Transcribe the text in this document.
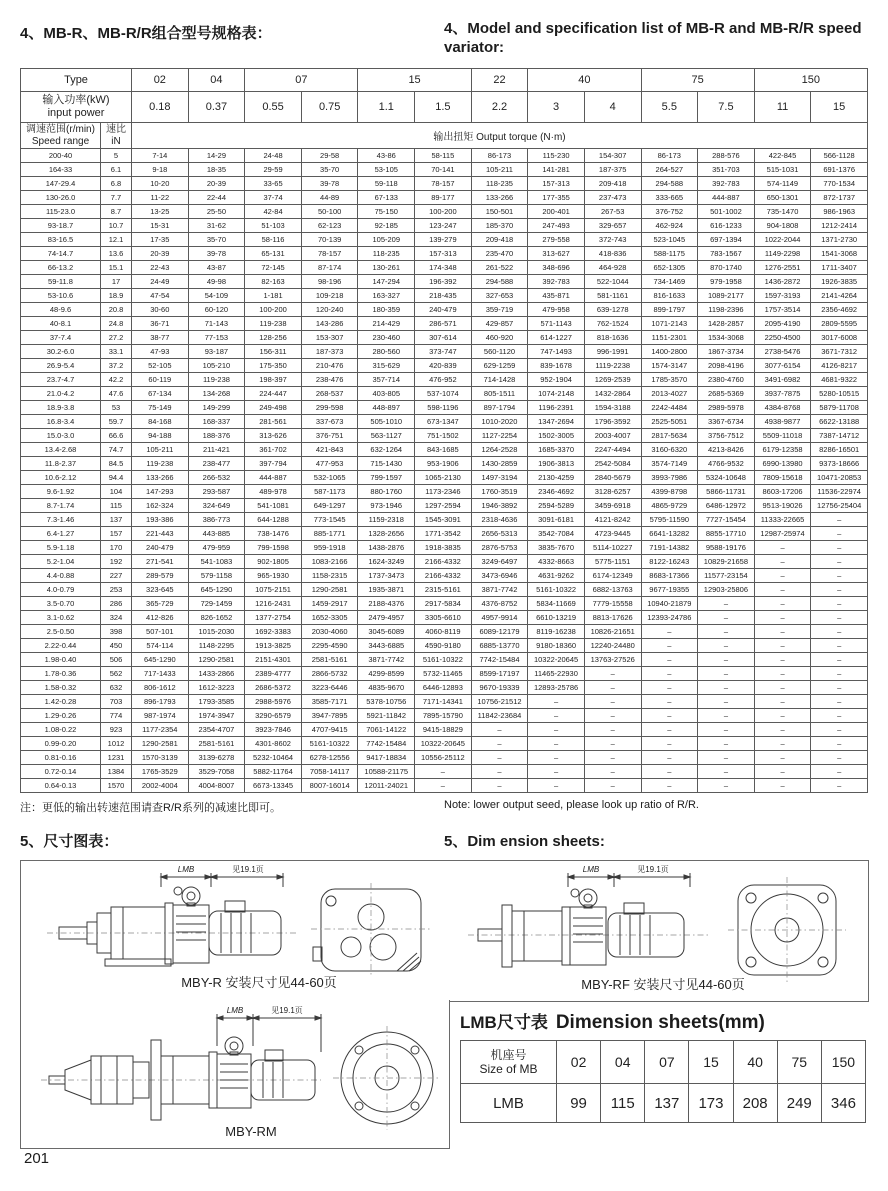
4、MB-R、MB-R/R组合型号规格表：	4、Model and specification list of MB-R and MB-R/R speed variator:
Type		02	04	07		15		22	40		75		150	

输入功率(kW)
input power		0.18	0.37	0.55	0.75	1.1	1.5	2.2	3	4	5.5	7.5	11	15

调速范围(r/min)
Speed range

速比
iN	输出扭矩 Output torque (N·m)
200-40	5	7-14	14-29	24-48	29-58	43-86	58-115	86-173	115-230	154-307	86-173	288-576	422-845	566-1128
164-33	6.1	9-18	18-35	29-59	35-70	53-105	70-141	105-211	141-281	187-375	264-527	351-703	515-1031	691-1376
147-29.4	6.8	10-20	20-39	33-65	39-78	59-118	78-157	118-235	157-313	209-418	294-588	392-783	574-1149	770-1534
130-26.0	7.7	11-22	22-44	37-74	44-89	67-133	89-177	133-266	177-355	237-473	333-665	444-887	650-1301	872-1737
115-23.0	8.7	13-25	25-50	42-84	50-100	75-150	100-200	150-501	200-401	267-53	376-752	501-1002	735-1470	986-1963
93-18.7	10.7	15-31	31-62	51-103	62-123	92-185	123-247	185-370	247-493	329-657	462-924	616-1233	904-1808	1212-2414
83-16.5	12.1	17-35	35-70	58-116	70-139	105-209	139-279	209-418	279-558	372-743	523-1045	697-1394	1022-2044	1371-2730
74-14.7	13.6	20-39	39-78	65-131	78-157	118-235	157-313	235-470	313-627	418-836	588-1175	783-1567	1149-2298	1541-3068
66-13.2	15.1	22-43	43-87	72-145	87-174	130-261	174-348	261-522	348-696	464-928	652-1305	870-1740	1276-2551	1711-3407
59-11.8	17	24-49	49-98	82-163	98-196	147-294	196-392	294-588	392-783	522-1044	734-1469	979-1958	1436-2872	1926-3835
53-10.6	18.9	47-54	54-109	1-181	109-218	163-327	218-435	327-653	435-871	581-1161	816-1633	1089-2177	1597-3193	2141-4264
48-9.6	20.8	30-60	60-120	100-200	120-240	180-359	240-479	359-719	479-958	639-1278	899-1797	1198-2396	1757-3514	2356-4692
40-8.1	24.8	36-71	71-143	119-238	143-286	214-429	286-571	429-857	571-1143	762-1524	1071-2143	1428-2857	2095-4190	2809-5595
37-7.4	27.2	38-77	77-153	128-256	153-307	230-460	307-614	460-920	614-1227	818-1636	1151-2301	1534-3068	2250-4500	3017-6008
30.2-6.0	33.1	47-93	93-187	156-311	187-373	280-560	373-747	560-1120	747-1493	996-1991	1400-2800	1867-3734	2738-5476	3671-7312
26.9-5.4	37.2	52-105	105-210	175-350	210-476	315-629	420-839	629-1259	839-1678	1119-2238	1574-3147	2098-4196	3077-6154	4126-8217
23.7-4.7	42.2	60-119	119-238	198-397	238-476	357-714	476-952	714-1428	952-1904	1269-2539	1785-3570	2380-4760	3491-6982	4681-9322
21.0-4.2	47.6	67-134	134-268	224-447	268-537	403-805	537-1074	805-1511	1074-2148	1432-2864	2013-4027	2685-5369	3937-7875	5280-10515
18.9-3.8	53	75-149	149-299	249-498	299-598	448-897	598-1196	897-1794	1196-2391	1594-3188	2242-4484	2989-5978	4384-8768	5879-11708
16.8-3.4	59.7	84-168	168-337	281-561	337-673	505-1010	673-1347	1010-2020	1347-2694	1796-3592	2525-5051	3367-6734	4938-9877	6622-13188
15.0-3.0	66.6	94-188	188-376	313-626	376-751	563-1127	751-1502	1127-2254	1502-3005	2003-4007	2817-5634	3756-7512	5509-11018	7387-14712
13.4-2.68	74.7	105-211	211-421	361-702	421-843	632-1264	843-1685	1264-2528	1685-3370	2247-4494	3160-6320	4213-8426	6179-12358	8286-16501
11.8-2.37	84.5	119-238	238-477	397-794	477-953	715-1430	953-1906	1430-2859	1906-3813	2542-5084	3574-7149	4766-9532	6990-13980	9373-18666
10.6-2.12	94.4	133-266	266-532	444-887	532-1065	799-1597	1065-2130	1497-3194	2130-4259	2840-5679	3993-7986	5324-10648	7809-15618	10471-20853
9.6-1.92	104	147-293	293-587	489-978	587-1173	880-1760	1173-2346	1760-3519	2346-4692	3128-6257	4399-8798	5866-11731	8603-17206	11536-22974
8.7-1.74	115	162-324	324-649	541-1081	649-1297	973-1946	1297-2594	1946-3892	2594-5289	3459-6918	4865-9729	6486-12972	9513-19026	12756-25404
7.3-1.46	137	193-386	386-773	644-1288	773-1545	1159-2318	1545-3091	2318-4636	3091-6181	4121-8242	5795-11590	7727-15454	11333-22665	–
6.4-1.27	157	221-443	443-885	738-1476	885-1771	1328-2656	1771-3542	2656-5313	3542-7084	4723-9445	6641-13282	8855-17710	12987-25974	–
5.9-1.18	170	240-479	479-959	799-1598	959-1918	1438-2876	1918-3835	2876-5753	3835-7670	5114-10227	7191-14382	9588-19176	–	–
5.2-1.04	192	271-541	541-1083	902-1805	1083-2166	1624-3249	2166-4332	3249-6497	4332-8663	5775-1151	8122-16243	10829-21658	–	–
4.4-0.88	227	289-579	579-1158	965-1930	1158-2315	1737-3473	2166-4332	3473-6946	4631-9262	6174-12349	8683-17366	11577-23154	–	–
4.0-0.79	253	323-645	645-1290	1075-2151	1290-2581	1935-3871	2315-5161	3871-7742	5161-10322	6882-13763	9677-19355	12903-25806	–	–
3.5-0.70	286	365-729	729-1459	1216-2431	1459-2917	2188-4376	2917-5834	4376-8752	5834-11669	7779-15558	10940-21879	–	–	–
3.1-0.62	324	412-826	826-1652	1377-2754	1652-3305	2479-4957	3305-6610	4957-9914	6610-13219	8813-17626	12393-24786	–	–	–
2.5-0.50	398	507-101	1015-2030	1692-3383	2030-4060	3045-6089	4060-8119	6089-12179	8119-16238	10826-21651	–	–	–	–
2.22-0.44	450	574-114	1148-2295	1913-3825	2295-4590	3443-6885	4590-9180	6885-13770	9180-18360	12240-24480	–	–	–	–
1.98-0.40	506	645-1290	1290-2581	2151-4301	2581-5161	3871-7742	5161-10322	7742-15484	10322-20645	13763-27526	–	–	–	–
1.78-0.36	562	717-1433	1433-2866	2389-4777	2866-5732	4299-8599	5732-11465	8599-17197	11465-22930	–	–	–	–	–
1.58-0.32	632	806-1612	1612-3223	2686-5372	3223-6446	4835-9670	6446-12893	9670-19339	12893-25786	–	–	–	–	–
1.42-0.28	703	896-1793	1793-3585	2988-5976	3585-7171	5378-10756	7171-14341	10756-21512	–	–	–	–	–	–
1.29-0.26	774	987-1974	1974-3947	3290-6579	3947-7895	5921-11842	7895-15790	11842-23684	–	–	–	–	–	–
1.08-0.22	923	1177-2354	2354-4707	3923-7846	4707-9415	7061-14122	9415-18829	–	–	–	–	–	–	–
0.99-0.20	1012	1290-2581	2581-5161	4301-8602	5161-10322	7742-15484	10322-20645	–	–	–	–	–	–	–
0.81-0.16	1231	1570-3139	3139-6278	5232-10464	6278-12556	9417-18834	10556-25112	–	–	–	–	–	–	–
0.72-0.14	1384	1765-3529	3529-7058	5882-11764	7058-14117	10588-21175	–	–	–	–	–	–	–	–
0.64-0.13	1570	2002-4004	4004-8007	6673-13345	8007-16014	12011-24021	–	–	–	–	–	–	–	–
注：更低的输出转速范围请查R/R系列的减速比即可。	Note: lower output seed, please look up ratio of R/R.
5、尺寸图表：	5、Dim ension sheets:
LMB	见19.1页
MBY-R 安装尺寸见44-60页
LMB	见19.1页
MBY-RF 安装尺寸见44-60页
LMB	见19.1页
MBY-RM
LMB尺寸表 Dimension sheets(mm)
机座号
Size of MB	02	04	07	15	40	75	150
LMB	99	115	137	173	208	249	346
201
